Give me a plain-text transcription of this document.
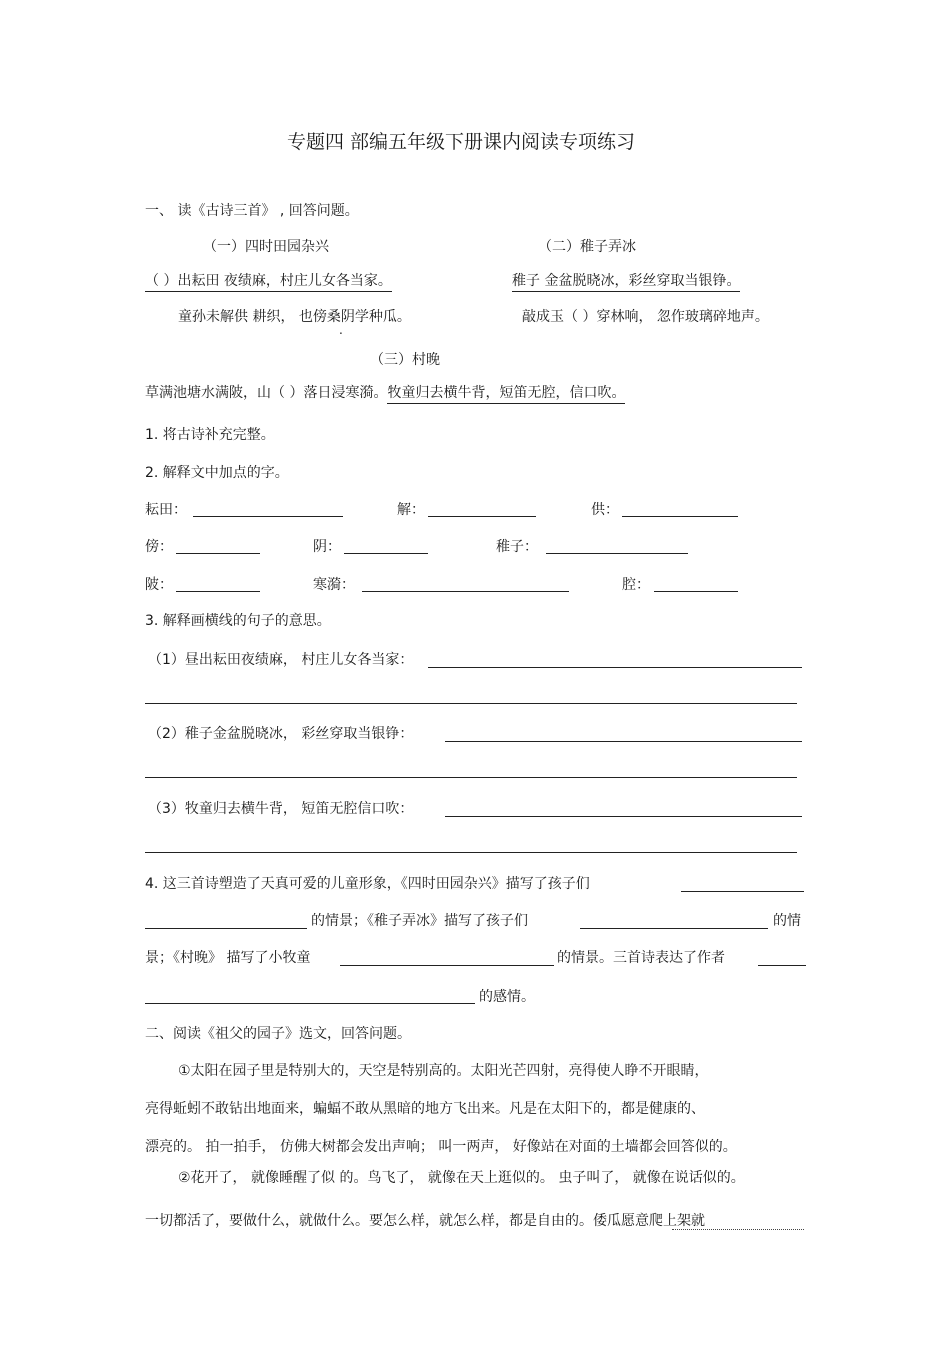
专题四 部编五年级下册课内阅读专项练习
一、 读《古诗三首》 , 回答问题。
（一）四时田园杂兴
（ ）出耘田 夜绩麻，村庄儿女各当家。
童孙未解供 耕织， 也傍桑阴学种瓜。
（二）稚子弄冰
稚子 金盆脱晓冰，彩丝穿取当银铮。
敲成玉（ ）穿林响， 忽作玻璃碎地声。
（三）村晚
草满池塘水满陂，山（ ）落日浸寒漪。牧童归去横牛背，短笛无腔，信口吹。
1. 将古诗补充完整。
2. 解释文中加点的字。
耘田：	解：	供：
傍：	阴：	稚子：
陂：	寒漪：	腔：
3. 解释画横线的句子的意思。
（1）昼出耘田夜绩麻， 村庄儿女各当家：
（2）稚子金盆脱晓冰， 彩丝穿取当银铮：
（3）牧童归去横牛背， 短笛无腔信口吹：
4. 这三首诗塑造了天真可爱的儿童形象，《四时田园杂兴》描写了孩子们
的情景；《稚子弄冰》描写了孩子们	的情
景；《村晚》 描写了小牧童	的情景。三首诗表达了作者
的感情。
二、阅读《祖父的园子》选文，回答问题。
①太阳在园子里是特别大的，天空是特别高的。太阳光芒四射，亮得使人睁不开眼睛，
亮得蚯蚓不敢钻出地面来，蝙蝠不敢从黑暗的地方飞出来。凡是在太阳下的，都是健康的、
漂亮的。 拍一拍手， 仿佛大树都会发出声响； 叫一两声， 好像站在对面的土墙都会回答似的。
②花开了， 就像睡醒了似 的。鸟飞了， 就像在天上逛似的。 虫子叫了， 就像在说话似的。
一切都活了，要做什么，就做什么。要怎么样，就怎么样，都是自由的。倭瓜愿意爬上架就
